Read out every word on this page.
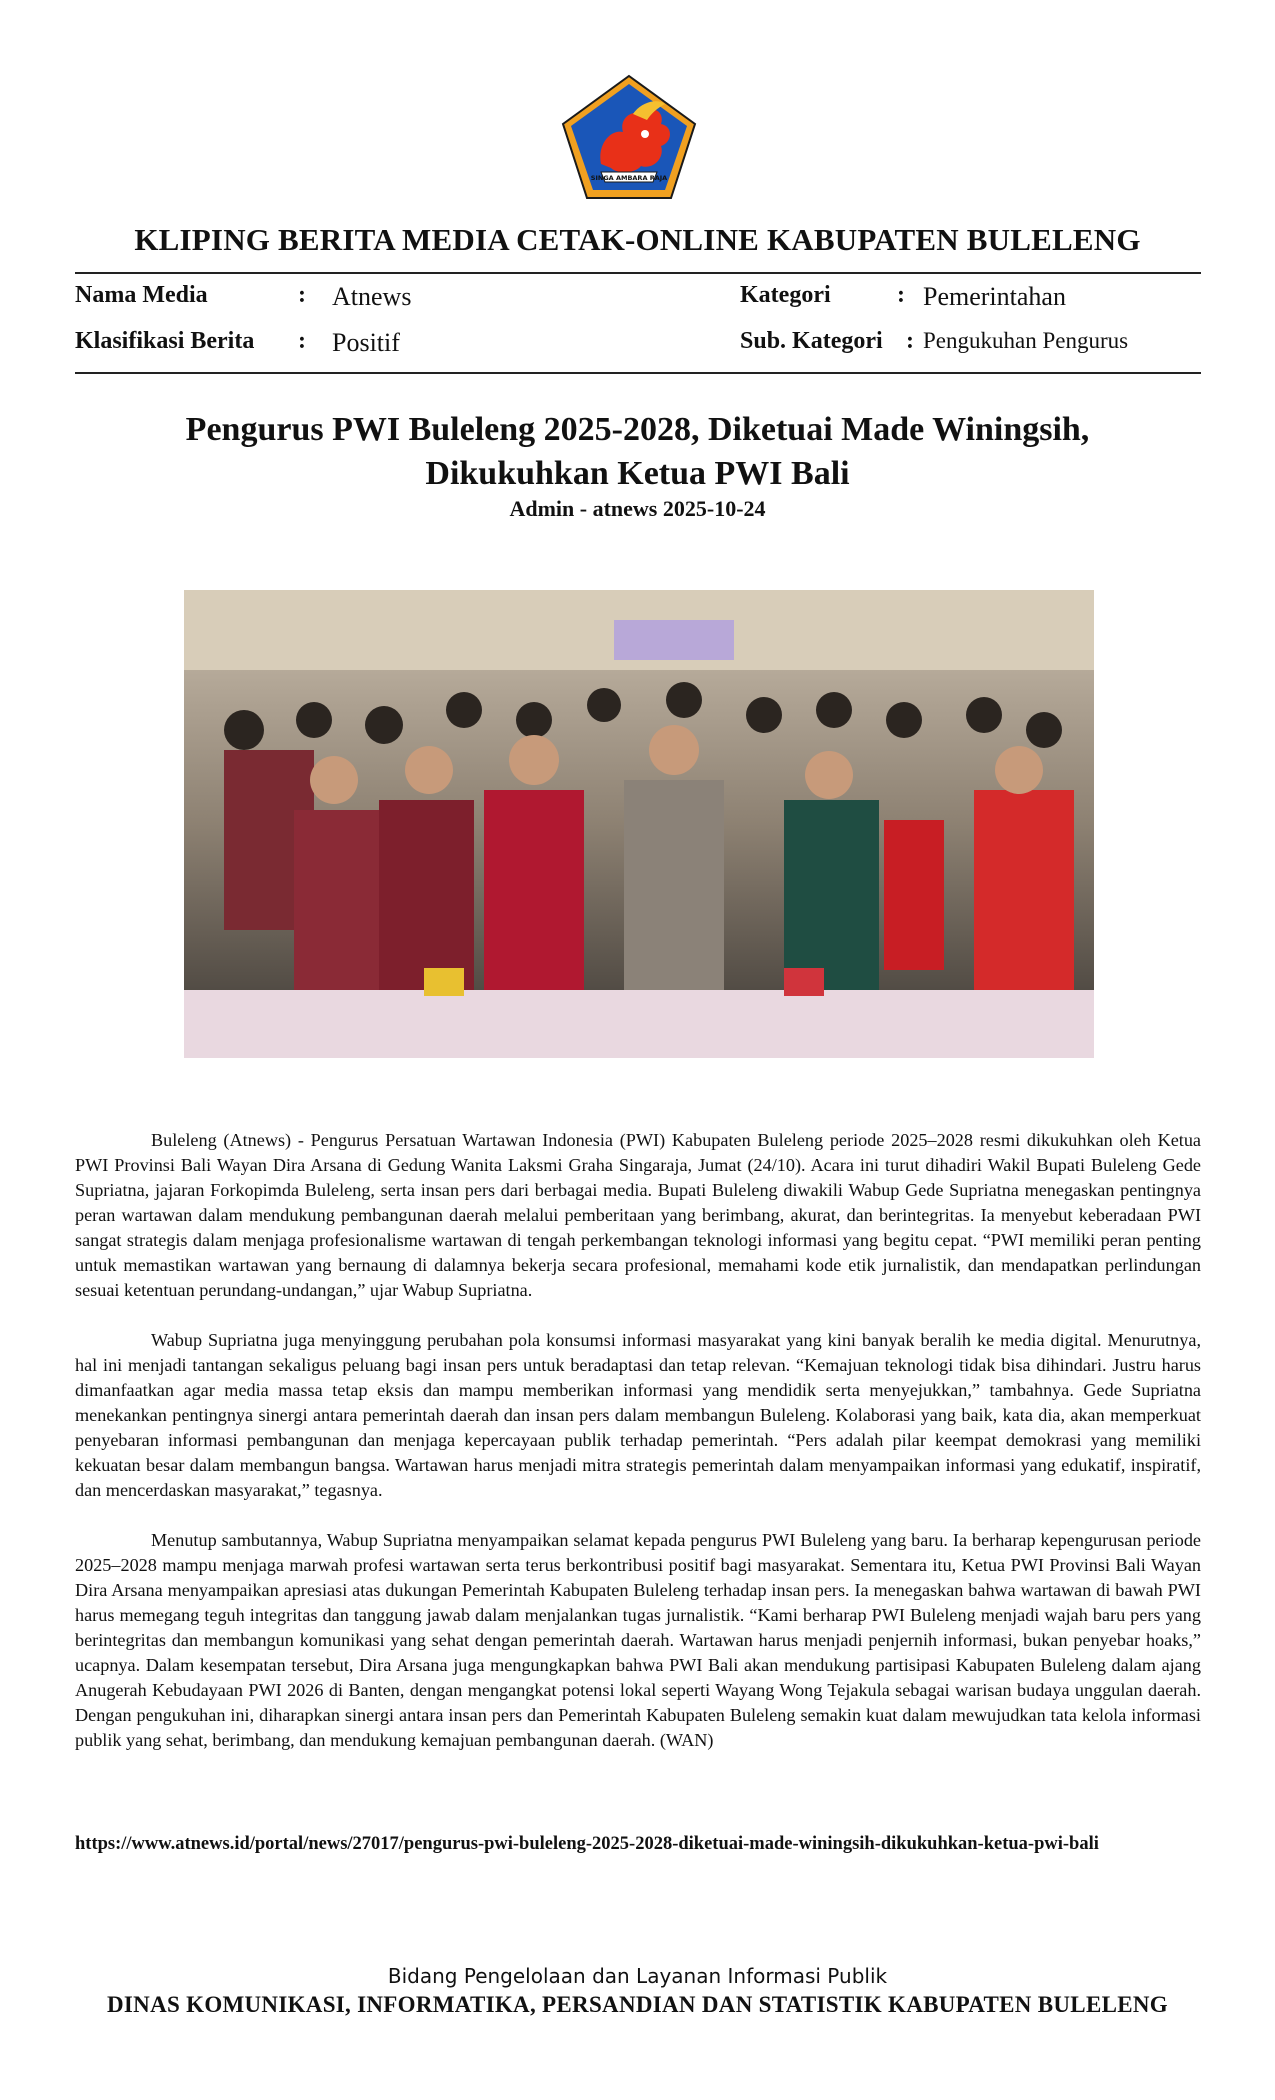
SINGA AMBARA RAJA
KLIPING BERITA MEDIA CETAK-ONLINE KABUPATEN BULELENG
Nama Media	: Atnews	Kategori	: Pemerintahan
Klasifikasi Berita : Positif	Sub. Kategori : Pengukuhan Pengurus
Pengurus PWI Buleleng 2025-2028, Diketuai Made Winingsih, Dikukuhkan Ketua PWI Bali
Admin - atnews 2025-10-24

Buleleng (Atnews) - Pengurus Persatuan Wartawan Indonesia (PWI) Kabupaten Buleleng periode 2025–2028 resmi dikukuhkan oleh Ketua PWI Provinsi Bali Wayan Dira Arsana di Gedung Wanita Laksmi Graha Singaraja, Jumat (24/10). Acara ini turut dihadiri Wakil Bupati Buleleng Gede Supriatna, jajaran Forkopimda Buleleng, serta insan pers dari berbagai media. Bupati Buleleng diwakili Wabup Gede Supriatna menegaskan pentingnya peran wartawan dalam mendukung pembangunan daerah melalui pemberitaan yang berimbang, akurat, dan berintegritas. Ia menyebut keberadaan PWI sangat strategis dalam menjaga profesionalisme wartawan di tengah perkembangan teknologi informasi yang begitu cepat. “PWI memiliki peran penting untuk memastikan wartawan yang bernaung di dalamnya bekerja secara profesional, memahami kode etik jurnalistik, dan mendapatkan perlindungan sesuai ketentuan perundang-undangan,” ujar Wabup Supriatna.

Wabup Supriatna juga menyinggung perubahan pola konsumsi informasi masyarakat yang kini banyak beralih ke media digital. Menurutnya, hal ini menjadi tantangan sekaligus peluang bagi insan pers untuk beradaptasi dan tetap relevan. “Kemajuan teknologi tidak bisa dihindari. Justru harus dimanfaatkan agar media massa tetap eksis dan mampu memberikan informasi yang mendidik serta menyejukkan,” tambahnya. Gede Supriatna menekankan pentingnya sinergi antara pemerintah daerah dan insan pers dalam membangun Buleleng. Kolaborasi yang baik, kata dia, akan memperkuat penyebaran informasi pembangunan dan menjaga kepercayaan publik terhadap pemerintah. “Pers adalah pilar keempat demokrasi yang memiliki kekuatan besar dalam membangun bangsa. Wartawan harus menjadi mitra strategis pemerintah dalam menyampaikan informasi yang edukatif, inspiratif, dan mencerdaskan masyarakat,” tegasnya.

Menutup sambutannya, Wabup Supriatna menyampaikan selamat kepada pengurus PWI Buleleng yang baru. Ia berharap kepengurusan periode 2025–2028 mampu menjaga marwah profesi wartawan serta terus berkontribusi positif bagi masyarakat. Sementara itu, Ketua PWI Provinsi Bali Wayan Dira Arsana menyampaikan apresiasi atas dukungan Pemerintah Kabupaten Buleleng terhadap insan pers. Ia menegaskan bahwa wartawan di bawah PWI harus memegang teguh integritas dan tanggung jawab dalam menjalankan tugas jurnalistik. “Kami berharap PWI Buleleng menjadi wajah baru pers yang berintegritas dan membangun komunikasi yang sehat dengan pemerintah daerah. Wartawan harus menjadi penjernih informasi, bukan penyebar hoaks,” ucapnya. Dalam kesempatan tersebut, Dira Arsana juga mengungkapkan bahwa PWI Bali akan mendukung partisipasi Kabupaten Buleleng dalam ajang Anugerah Kebudayaan PWI 2026 di Banten, dengan mengangkat potensi lokal seperti Wayang Wong Tejakula sebagai warisan budaya unggulan daerah. Dengan pengukuhan ini, diharapkan sinergi antara insan pers dan Pemerintah Kabupaten Buleleng semakin kuat dalam mewujudkan tata kelola informasi publik yang sehat, berimbang, dan mendukung kemajuan pembangunan daerah. (WAN)

https://www.atnews.id/portal/news/27017/pengurus-pwi-buleleng-2025-2028-diketuai-made-winingsih-dikukuhkan-ketua-pwi-bali
Bidang Pengelolaan dan Layanan Informasi Publik
DINAS KOMUNIKASI, INFORMATIKA, PERSANDIAN DAN STATISTIK KABUPATEN BULELENG
